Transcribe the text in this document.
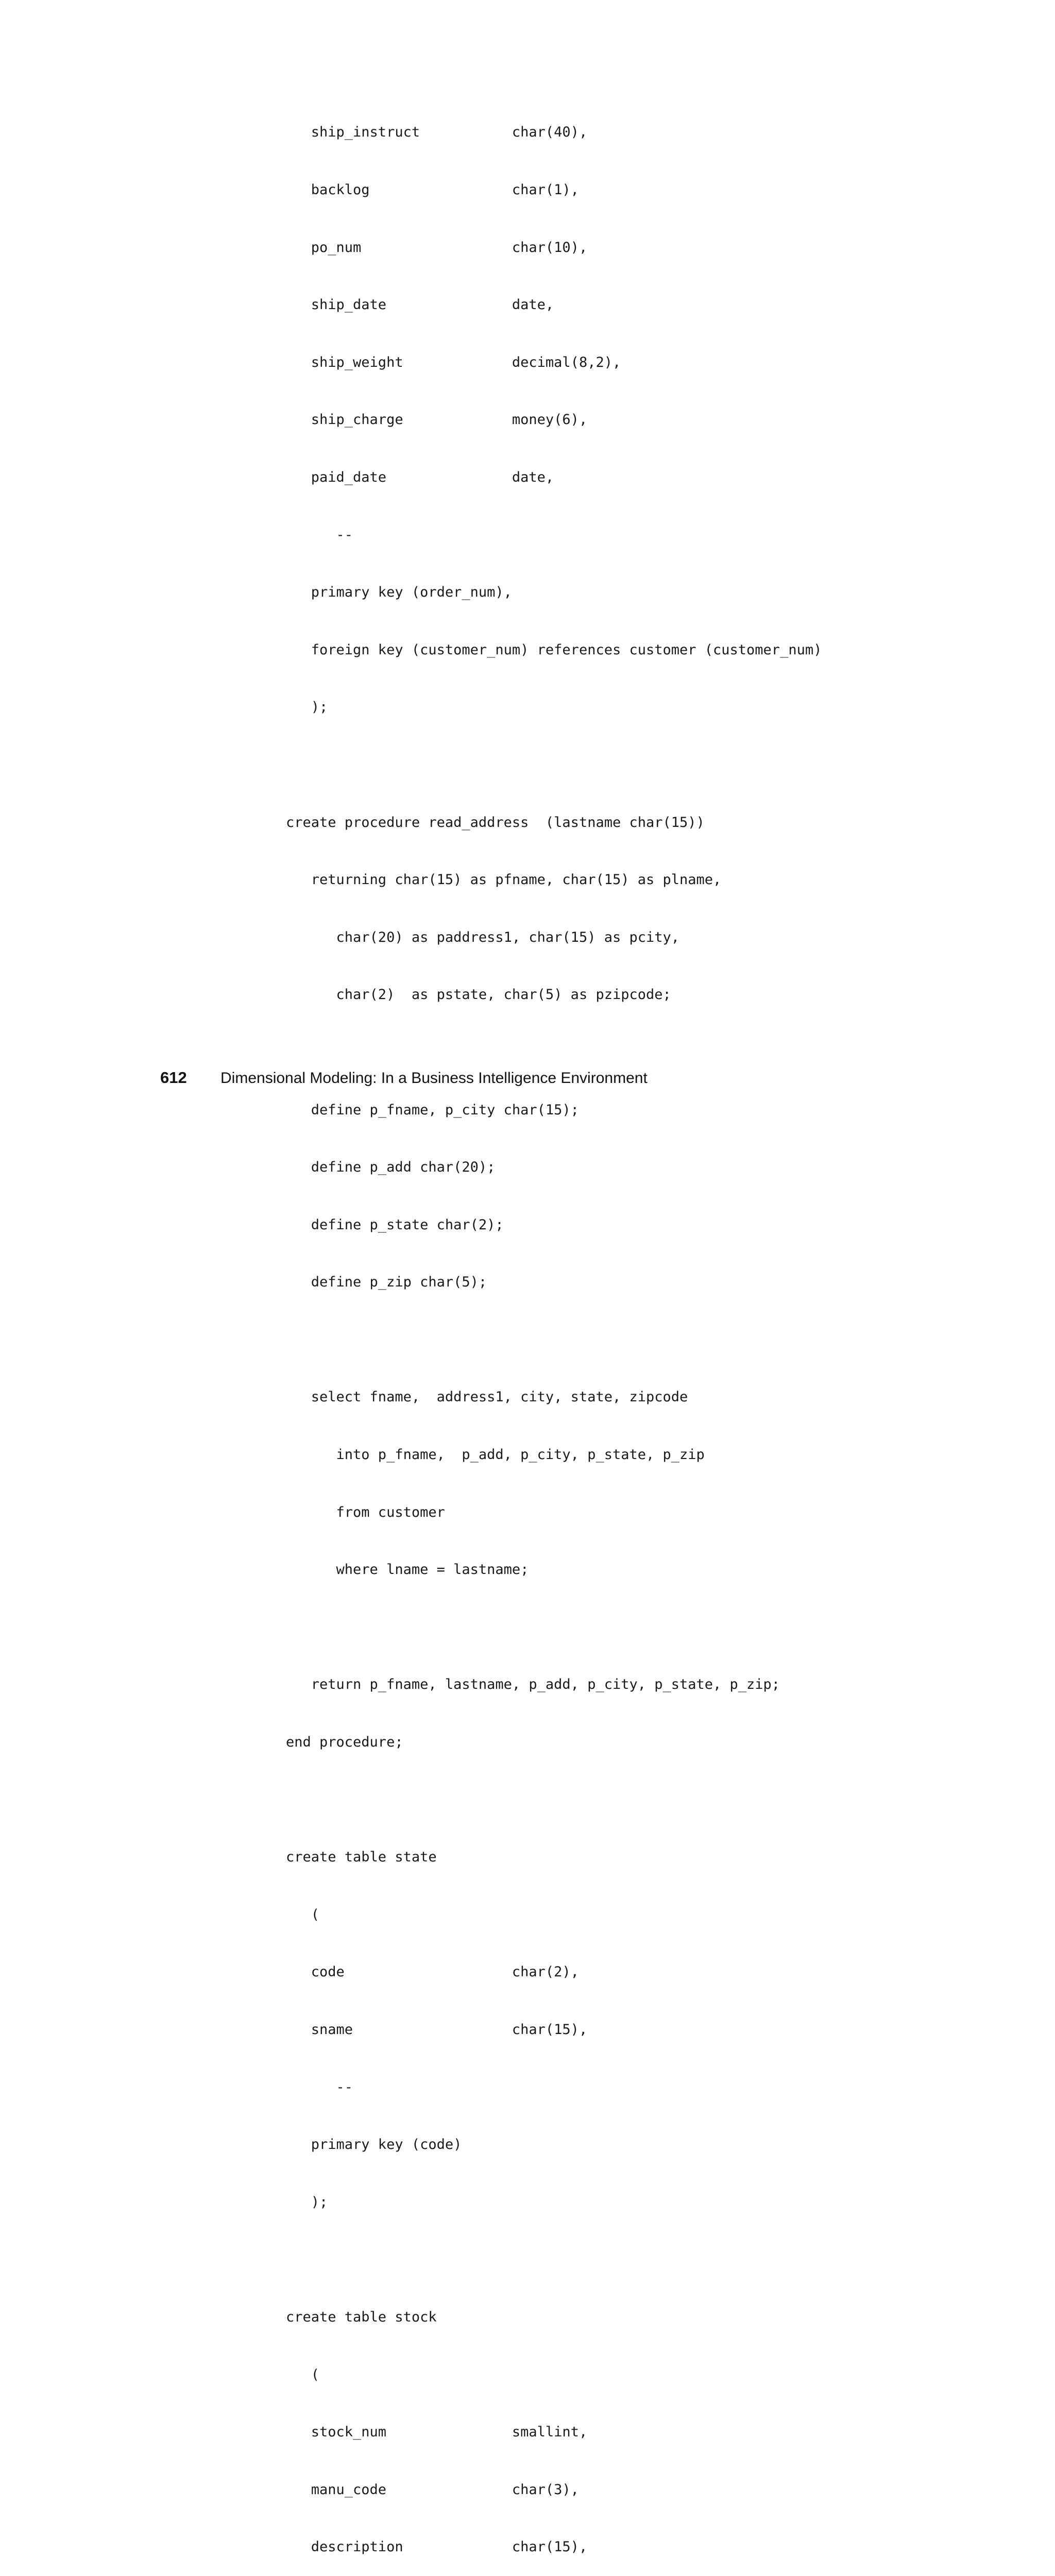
ship_instruct           char(40),

backlog                 char(1),

po_num                  char(10),

ship_date               date,

ship_weight             decimal(8,2),

ship_charge             money(6),

paid_date               date,

--

primary key (order_num),

foreign key (customer_num) references customer (customer_num)

);

create procedure read_address  (lastname char(15))

returning char(15) as pfname, char(15) as plname,

char(20) as paddress1, char(15) as pcity,

char(2)  as pstate, char(5) as pzipcode;

define p_fname, p_city char(15);

define p_add char(20);

define p_state char(2);

define p_zip char(5);

select fname,  address1, city, state, zipcode

into p_fname,  p_add, p_city, p_state, p_zip

from customer

where lname = lastname;

return p_fname, lastname, p_add, p_city, p_state, p_zip;

end procedure;

create table state

(

code                    char(2),

sname                   char(15),

--

primary key (code)

);

create table stock

(

stock_num               smallint,

manu_code               char(3),

description             char(15),

612	Dimensional Modeling: In a Business Intelligence Environment
